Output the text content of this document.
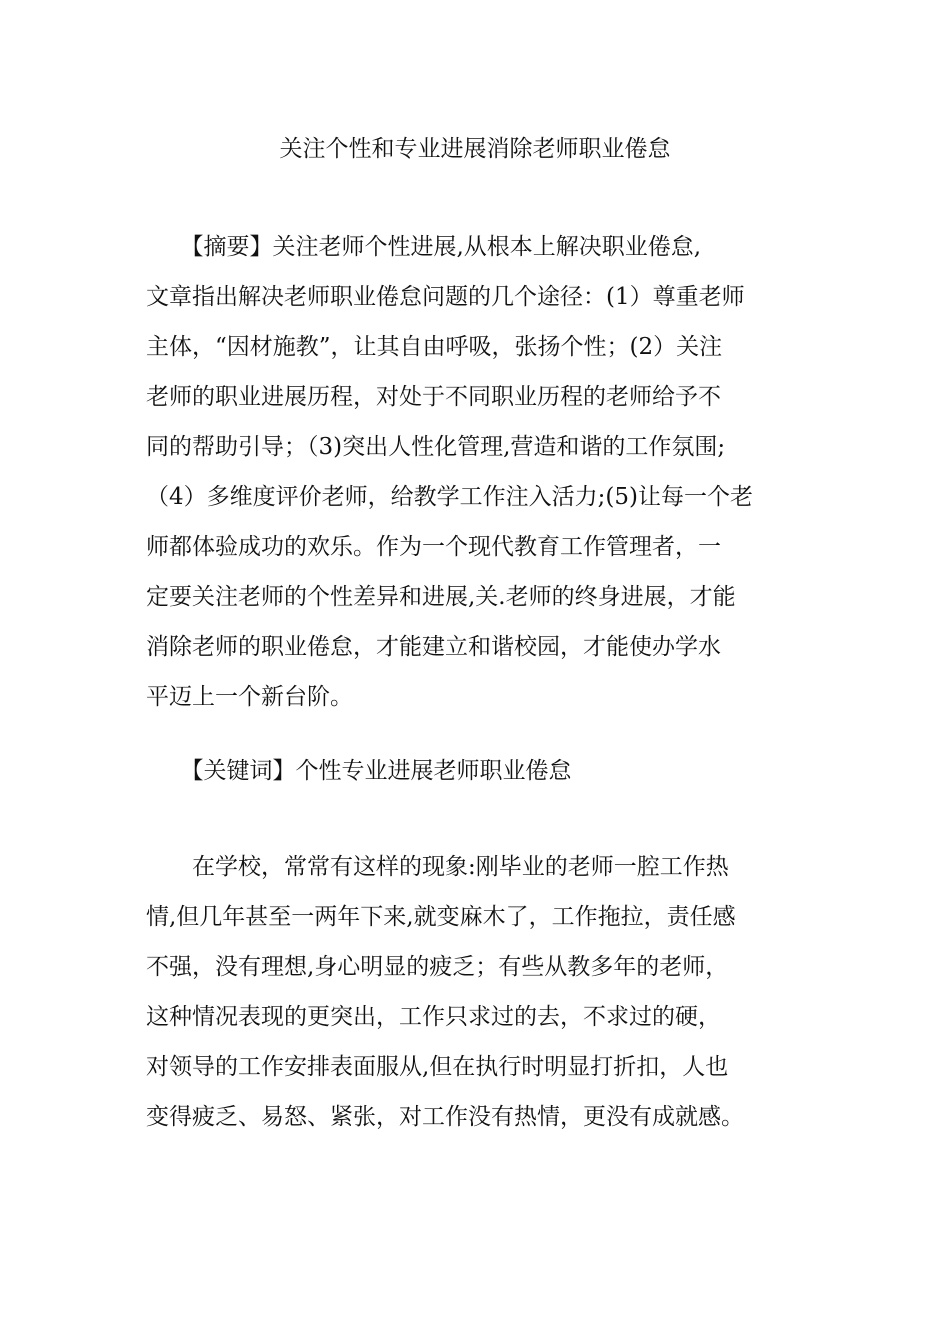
关注个性和专业进展消除老师职业倦怠
　　【摘要】关注老师个性进展,从根本上解决职业倦怠,
文章指出解决老师职业倦怠问题的几个途径：(1）尊重老师
主体，“因材施教”，让其自由呼吸，张扬个性；(2）关注
老师的职业进展历程，对处于不同职业历程的老师给予不
同的帮助引导；（3)突出人性化管理,营造和谐的工作氛围;
（4）多维度评价老师，给教学工作注入活力;(5)让每一个老
师都体验成功的欢乐。作为一个现代教育工作管理者，一
定要关注老师的个性差异和进展,关.老师的终身进展，才能
消除老师的职业倦怠，才能建立和谐校园，才能使办学水
平迈上一个新台阶。
　　【关键词】个性专业进展老师职业倦怠
　　在学校，常常有这样的现象:刚毕业的老师一腔工作热
情,但几年甚至一两年下来,就变麻木了，工作拖拉，责任感
不强，没有理想,身心明显的疲乏；有些从教多年的老师，
这种情况表现的更突出，工作只求过的去，不求过的硬，
对领导的工作安排表面服从,但在执行时明显打折扣，人也
变得疲乏、易怒、紧张，对工作没有热情，更没有成就感。
